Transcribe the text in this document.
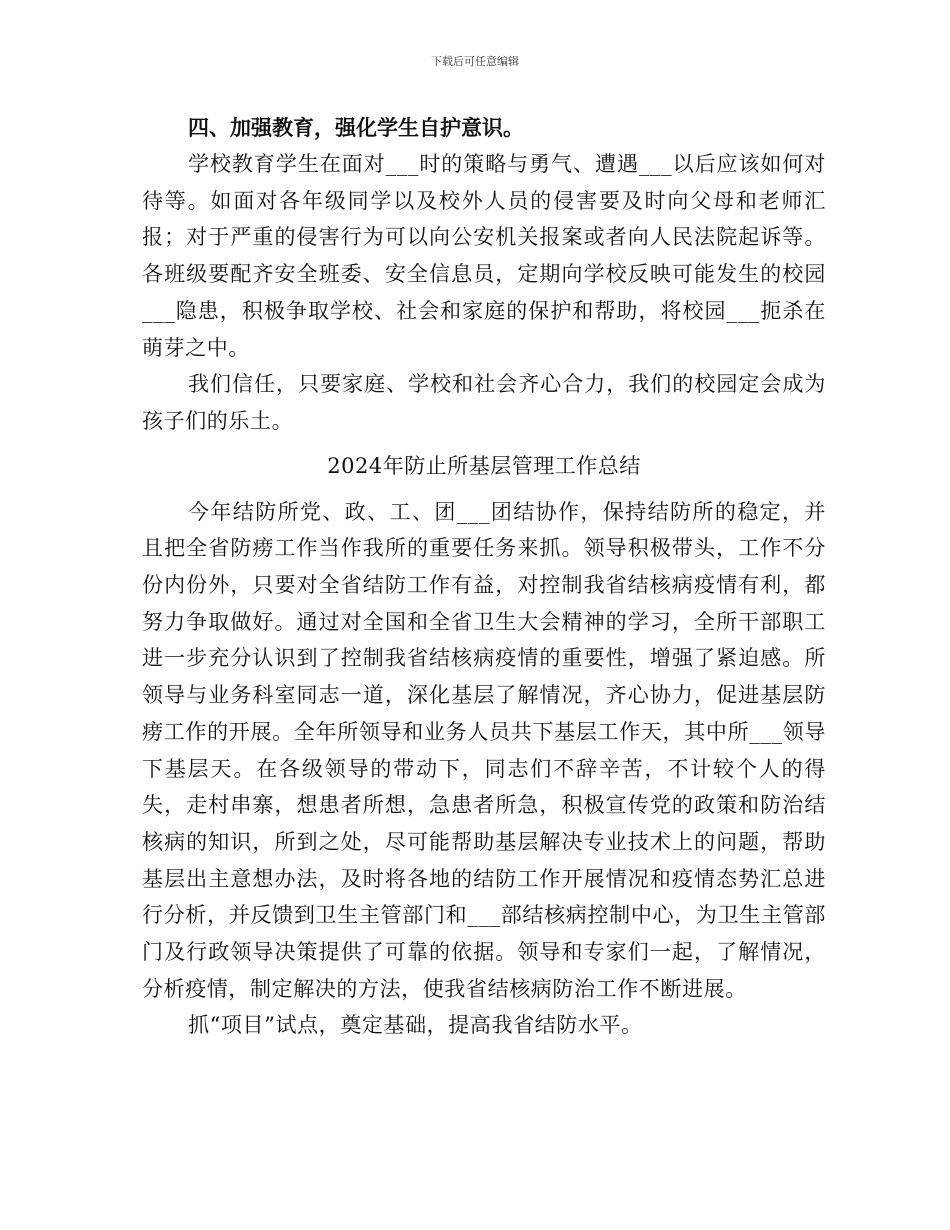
下载后可任意编辑

四、加强教育，强化学生自护意识。

学校教育学生在面对___时的策略与勇气、遭遇___以后应该如何对待等。如面对各年级同学以及校外人员的侵害要及时向父母和老师汇报；对于严重的侵害行为可以向公安机关报案或者向人民法院起诉等。各班级要配齐安全班委、安全信息员，定期向学校反映可能发生的校园___隐患，积极争取学校、社会和家庭的保护和帮助，将校园___扼杀在萌芽之中。

我们信任，只要家庭、学校和社会齐心合力，我们的校园定会成为孩子们的乐土。

2024年防止所基层管理工作总结

今年结防所党、政、工、团___团结协作，保持结防所的稳定，并且把全省防痨工作当作我所的重要任务来抓。领导积极带头，工作不分份内份外，只要对全省结防工作有益，对控制我省结核病疫情有利，都努力争取做好。通过对全国和全省卫生大会精神的学习，全所干部职工进一步充分认识到了控制我省结核病疫情的重要性，增强了紧迫感。所领导与业务科室同志一道，深化基层了解情况，齐心协力，促进基层防痨工作的开展。全年所领导和业务人员共下基层工作天，其中所___领导下基层天。在各级领导的带动下，同志们不辞辛苦，不计较个人的得失，走村串寨，想患者所想，急患者所急，积极宣传党的政策和防治结核病的知识，所到之处，尽可能帮助基层解决专业技术上的问题，帮助基层出主意想办法，及时将各地的结防工作开展情况和疫情态势汇总进行分析，并反馈到卫生主管部门和___部结核病控制中心，为卫生主管部门及行政领导决策提供了可靠的依据。领导和专家们一起，了解情况，分析疫情，制定解决的方法，使我省结核病防治工作不断进展。

抓“项目”试点，奠定基础，提高我省结防水平。
